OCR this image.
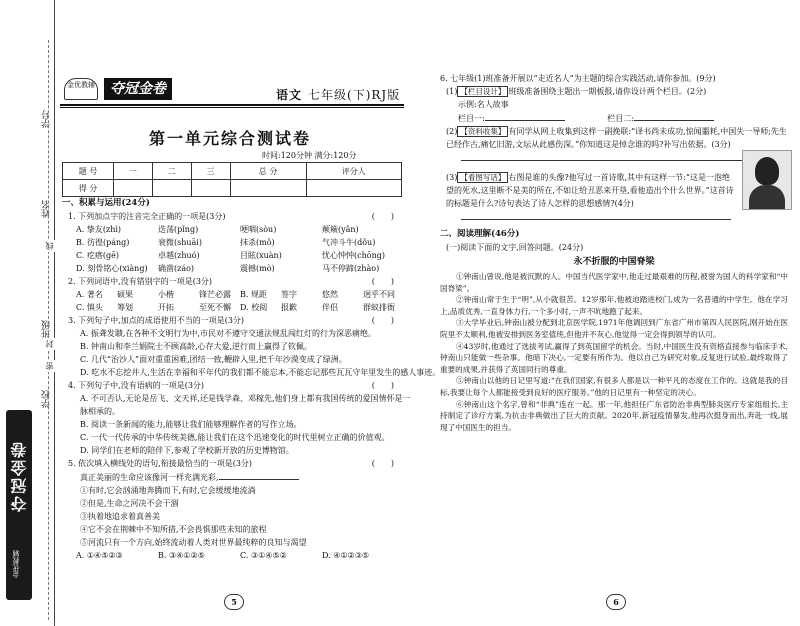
学号
姓名
班级
学校
线
封
密
夺冠金卷
金优教辅
金优教辅	夺冠金卷	语文 七年级(下)RJ版
第一单元综合测试卷
时间:120分钟 满分:120分
题 号	一	二	三	总 分	评分人
得 分					

一、积累与运用(24分)

1. 下列加点字的注音完全正确的一项是(3分)	(　　)

A. 挚友(zhì)	迭荡(pǐng)	哽咽(sòu)	颠簸(yǎn)
B. 彷徨(páng)	衰微(shuāi)	抹杀(mǒ)	气冲斗牛(dǒu)
C. 疙瘩(gē)	卓越(zhuó)	目眩(xuàn)	忧心忡忡(chōng)
D. 刻骨铭心(xiàng)	确凿(záo)	震撼(mò)	马不停蹄(zhào)

2. 下列词语中,没有错别字的一项是(3分)	(　　)

A. 著名	硕果	小楷	锋芒必露	B. 规距	签字	悠然	迥乎不同
C. 慎头	筹划	开拓	至死不懈	D. 校阅	报歉	伴侣	群蚁排衙

3. 下列句子中,加点的成语使用不当的一项是(3分)	(　　)

A. 振聋发聩,在各种不文明行为中,市民对不遵守交通法规乱闯红灯的行为深恶痛绝。

B. 钟南山和李兰娟院士不顾高龄,心存大爱,逆行而上赢得了钦佩。

C. 几代“治沙人”面对重重困难,团结一致,鞭辟入里,把千年沙漠变成了绿洲。

D. 吃水不忘挖井人,生活在幸福和平年代的我们都不能忘本,不能忘记那些瓦瓦守年里发生的感人事迹。

4. 下列句子中,没有语病的一项是(3分)	(　　)

A. 不可否认,无论是岳飞、文天祥,还是钱学森、邓稼先,他们身上都有我国传统的爱国情怀是一

脉相承的。

B. 阅读一条新闻的能力,能够让我们能够理解作者的写作立场。

C. 一代一代传承的中华传统美德,能让我们在这个迅速变化的时代里树立正确的价值观。

D. 同学们在老师的陪伴下,参观了学校新开放的历史博物馆。

5. 依次填入横线处的语句,衔接最恰当的一项是(3分)	(　　)

真正美丽的生命应该像河一样充满光彩,

①有时,它会汹涌地奔腾而下,有时,它会缓缓地流淌

②但是,生命之河决不会干涸

③执着地追求着真善美

④它不会在荆棘中不知所措,不会畏惧那些未知的旅程

⑤河流只有一个方向,始终流动着人类对世界最纯粹的良知与渴望

A. ①④⑤②③	B. ③④①②⑤	C. ③①④⑤②	D. ④①②③⑤
5

6. 七年级(1)班准备开展以“走近名人”为主题的综合实践活动,请你参加。(9分)

(1) 【栏目设计】 班级准备围绕主题出一期板报,请你设计两个栏目。(2分)

示例:名人故事

栏目一:	栏目二:

(2) 【资料收集】 有同学从网上收集到这样一副挽联:“译书尚未成功,惊闻噩耗,中国失一导师;先生已经作古,痛忆旧游,文坛从此感伤深。”你知道这是悼念谁的吗?补写出依据。(3分)

(3) 【看图写话】 右图是谁的头像?他写过一首诗歌,其中有这样一节:“这是一泡绝望的死水,这里断不是美的所在,不如让给丑恶来开垦,看他造出个什么世界。”这首诗的标题是什么?诗句表达了诗人怎样的思想感情?(4分)

二、阅读理解(46分)

(一)阅读下面的文字,回答问题。(24分)

永不折服的中国脊梁

①钟南山曾说,他是被沉默的人。中国当代医学家中,他走过最艰难的历程,被誉为国人的科学家和“中国脊梁”。

②钟南山常于生于“明”,从小就很苦。12岁那年,他被迫踏进校门,成为一名普通的中学生。他在学习上,品质优秀,一直身体力行,一个多小时,一声不吭地跑了起来。

③大学毕业后,钟南山被分配到北京医学院,1971年他调回到广东省广州市第四人民医院,刚开始在医院里不太顺利,他被安排到医务室值班,但他并不灰心,他觉得一定会得到领导的认可。

④43岁时,他通过了选拔考试,赢得了到英国留学的机会。当时,中国医生没有资格直接参与临床手术,钟南山只能做一些杂事。他暗下决心,一定要有所作为。他以自己为研究对象,反复进行试验,最终取得了重要的成果,并获得了英国同行的尊重。

⑤钟南山以他的日记里写道:“在我们国家,有很多人都是以一种平凡的态度在工作的。这就是我的目标,我要让每个人都能接受到良好的医疗服务。”他的日记里有一种坚定的决心。

⑥钟南山这个名字,曾和“非典”连在一起。那一年,他担任广东省防治非典型肺炎医疗专家组组长,主持制定了诊疗方案,为抗击非典做出了巨大的贡献。2020年,新冠疫情暴发,他再次挺身而出,奔赴一线,展现了中国医生的担当。

6
